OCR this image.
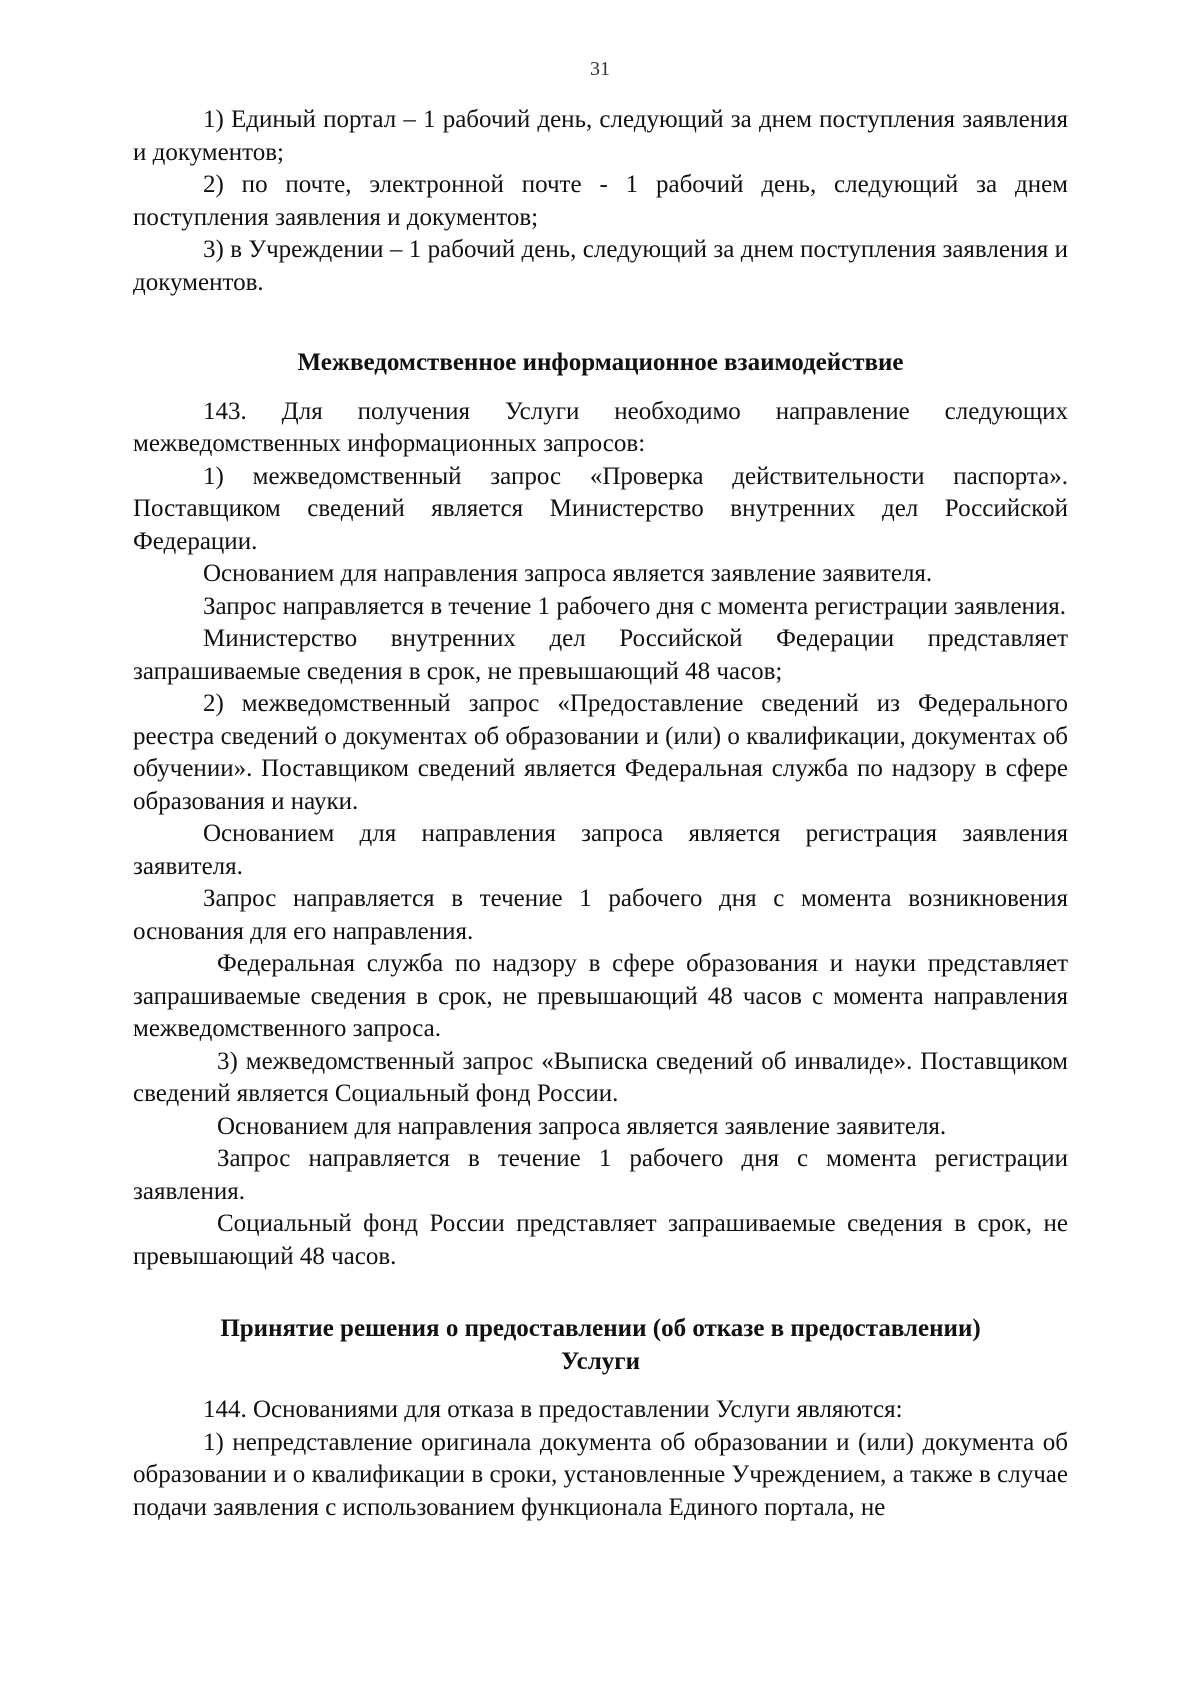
31

1) Единый портал – 1 рабочий день, следующий за днем поступления заявления и документов;

2) по почте, электронной почте - 1 рабочий день, следующий за днем поступления заявления и документов;

3) в Учреждении – 1 рабочий день, следующий за днем поступления заявления и документов.

Межведомственное информационное взаимодействие

143. Для получения Услуги необходимо направление следующих межведомственных информационных запросов:

1) межведомственный запрос «Проверка действительности паспорта». Поставщиком сведений является Министерство внутренних дел Российской Федерации.

Основанием для направления запроса является заявление заявителя.

Запрос направляется в течение 1 рабочего дня с момента регистрации заявления.

Министерство внутренних дел Российской Федерации представляет запрашиваемые сведения в срок, не превышающий 48 часов;

2) межведомственный запрос «Предоставление сведений из Федерального реестра сведений о документах об образовании и (или) о квалификации, документах об обучении». Поставщиком сведений является Федеральная служба по надзору в сфере образования и науки.

Основанием для направления запроса является регистрация заявления заявителя.

Запрос направляется в течение 1 рабочего дня с момента возникновения основания для его направления.

Федеральная служба по надзору в сфере образования и науки представляет запрашиваемые сведения в срок, не превышающий 48 часов с момента направления межведомственного запроса.

3) межведомственный запрос «Выписка сведений об инвалиде». Поставщиком сведений является Социальный фонд России.

Основанием для направления запроса является заявление заявителя.

Запрос направляется в течение 1 рабочего дня с момента регистрации заявления.

Социальный фонд России представляет запрашиваемые сведения в срок, не превышающий 48 часов.

Принятие решения о предоставлении (об отказе в предоставлении)
Услуги

144. Основаниями для отказа в предоставлении Услуги являются:

1) непредставление оригинала документа об образовании и (или) документа об образовании и о квалификации в сроки, установленные Учреждением, а также в случае подачи заявления с использованием функционала Единого портала, не
